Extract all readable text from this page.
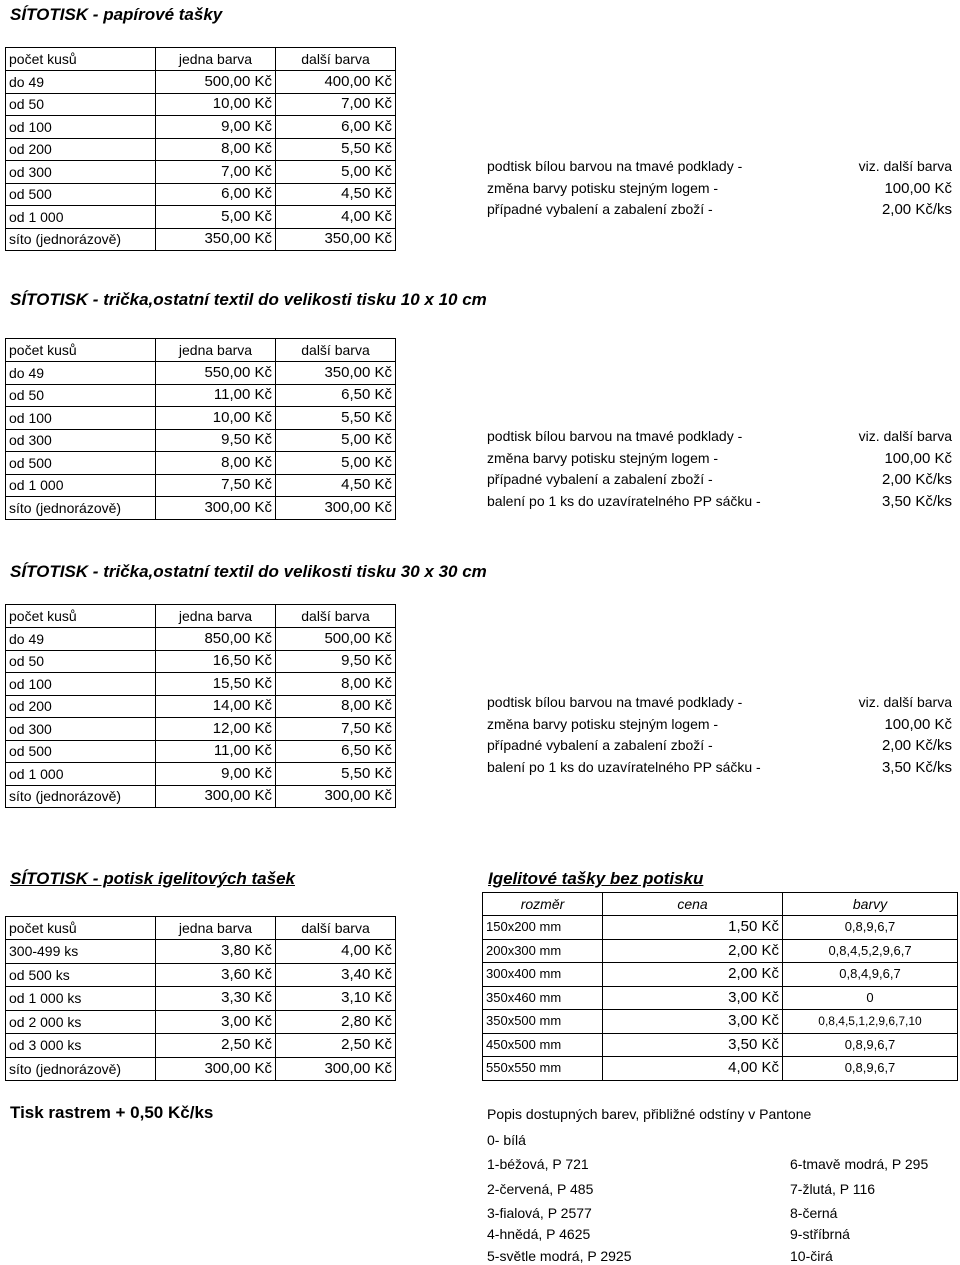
SÍTOTISK - papírové tašky
počet kusů	jedna barva	další barva
do 49	500,00 Kč	400,00 Kč
od 50	10,00 Kč	7,00 Kč
od 100	9,00 Kč	6,00 Kč
od 200	8,00 Kč	5,50 Kč
od 300	7,00 Kč	5,00 Kč
od 500	6,00 Kč	4,50 Kč
od 1 000	5,00 Kč	4,00 Kč
síto (jednorázově)	350,00 Kč	350,00 Kč
podtisk bílou barvou na tmavé podklady -	viz. další barva
změna barvy potisku stejným logem -	100,00 Kč
případné vybalení a zabalení zboží -	2,00 Kč/ks
SÍTOTISK - trička,ostatní textil do velikosti tisku 10 x 10 cm
počet kusů	jedna barva	další barva
do 49	550,00 Kč	350,00 Kč
od 50	11,00 Kč	6,50 Kč
od 100	10,00 Kč	5,50 Kč
od 300	9,50 Kč	5,00 Kč
od 500	8,00 Kč	5,00 Kč
od 1 000	7,50 Kč	4,50 Kč
síto (jednorázově)	300,00 Kč	300,00 Kč
podtisk bílou barvou na tmavé podklady -	viz. další barva
změna barvy potisku stejným logem -	100,00 Kč
případné vybalení a zabalení zboží -	2,00 Kč/ks
balení po 1 ks do uzavíratelného PP sáčku -	3,50 Kč/ks
SÍTOTISK - trička,ostatní textil do velikosti tisku 30 x 30 cm
počet kusů	jedna barva	další barva
do 49	850,00 Kč	500,00 Kč
od 50	16,50 Kč	9,50 Kč
od 100	15,50 Kč	8,00 Kč
od 200	14,00 Kč	8,00 Kč
od 300	12,00 Kč	7,50 Kč
od 500	11,00 Kč	6,50 Kč
od 1 000	9,00 Kč	5,50 Kč
síto (jednorázově)	300,00 Kč	300,00 Kč
podtisk bílou barvou na tmavé podklady -	viz. další barva
změna barvy potisku stejným logem -	100,00 Kč
případné vybalení a zabalení zboží -	2,00 Kč/ks
balení po 1 ks do uzavíratelného PP sáčku -	3,50 Kč/ks
SÍTOTISK - potisk igelitových tašek
počet kusů	jedna barva	další barva
300-499 ks	3,80 Kč	4,00 Kč
od 500 ks	3,60 Kč	3,40 Kč
od 1 000 ks	3,30 Kč	3,10 Kč
od 2 000 ks	3,00 Kč	2,80 Kč
od 3 000 ks	2,50 Kč	2,50 Kč
síto (jednorázově)	300,00 Kč	300,00 Kč
Igelitové tašky bez potisku
rozměr	cena	barvy
150x200 mm	1,50 Kč	0,8,9,6,7
200x300 mm	2,00 Kč	0,8,4,5,2,9,6,7
300x400 mm	2,00 Kč	0,8,4,9,6,7
350x460 mm	3,00 Kč	0
350x500 mm	3,00 Kč	0,8,4,5,1,2,9,6,7,10
450x500 mm	3,50 Kč	0,8,9,6,7
550x550 mm	4,00 Kč	0,8,9,6,7
Tisk rastrem + 0,50 Kč/ks	Popis dostupných barev, přibližné odstíny v Pantone
0- bílá
1-béžová, P 721
2-červená, P 485
3-fialová, P 2577
4-hnědá, P 4625
5-světle modrá, P 2925
6-tmavě modrá, P 295
7-žlutá, P 116
8-černá
9-stříbrná
10-čirá
